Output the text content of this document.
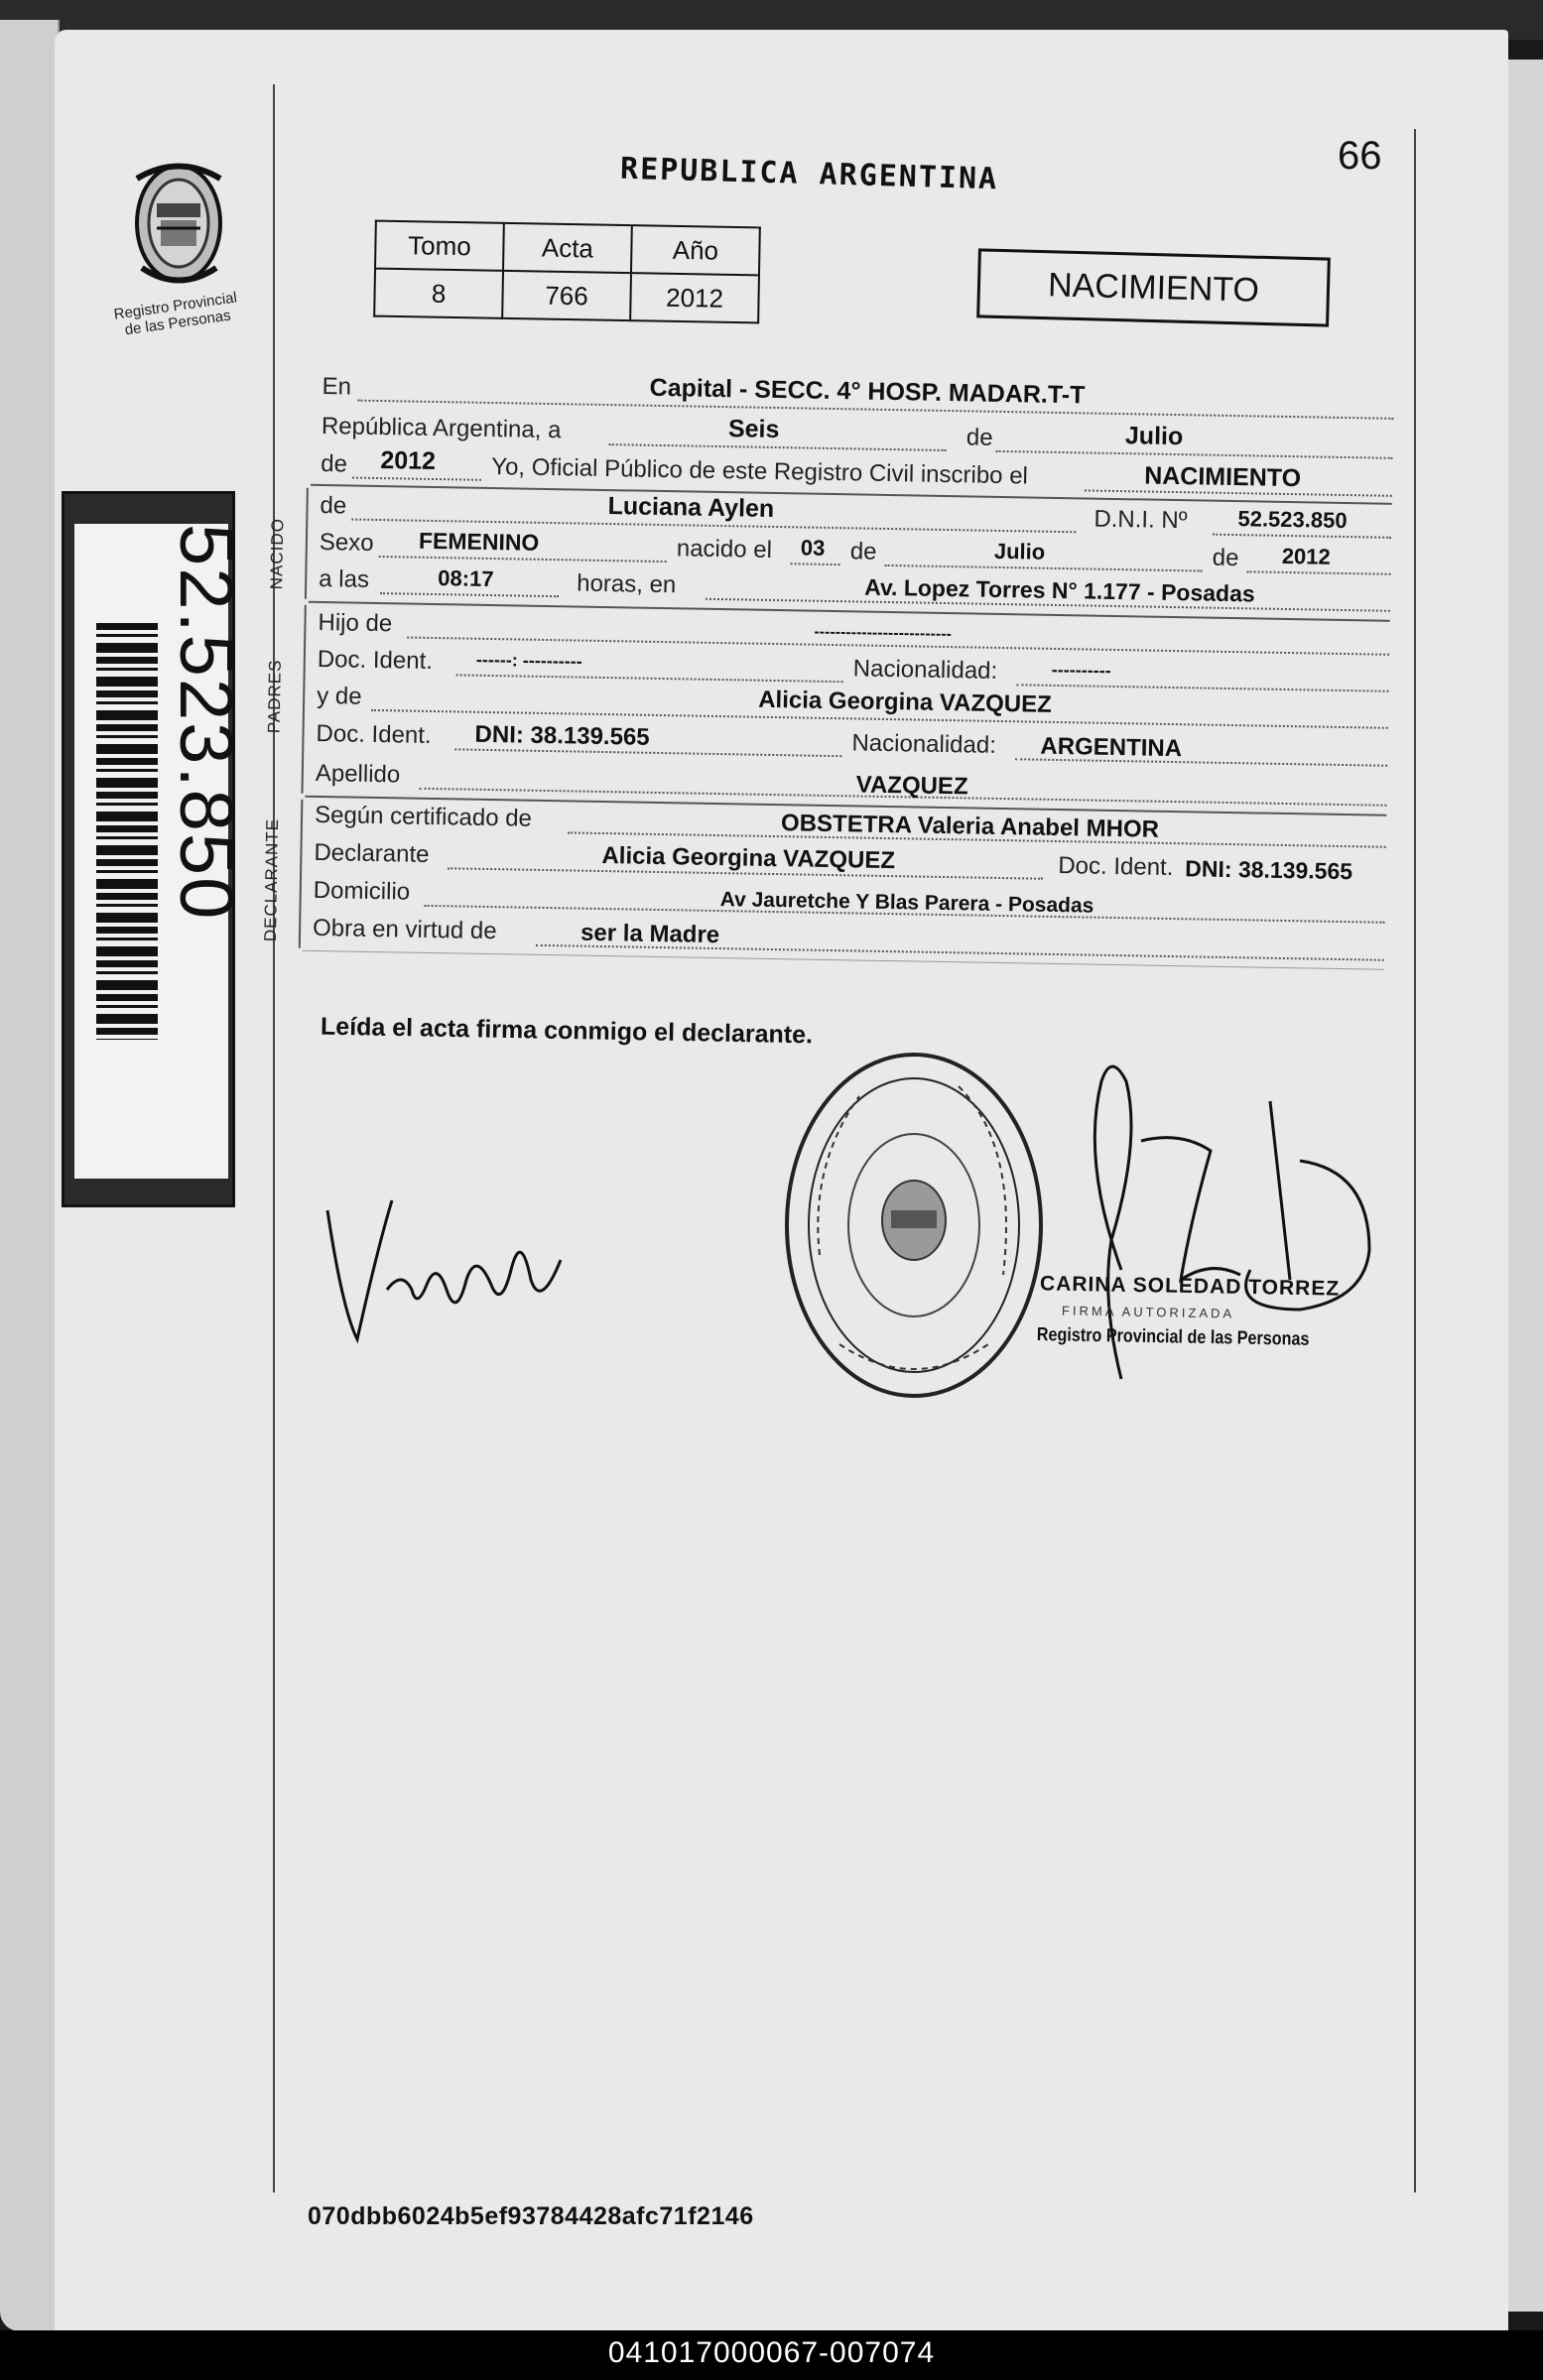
Registro Provincial de las Personas
52.523.850
REPUBLICA ARGENTINA	66
Tomo	Acta	Año
8	766	2012	NACIMIENTO
En	Capital - SECC. 4° HOSP. MADAR.T-T
República Argentina, a	Seis	de	Julio
de 2012 Yo, Oficial Público de este Registro Civil inscribo el	NACIMIENTO
de	Luciana Aylen	D.N.I. Nº 52.523.850
Sexo FEMENINO	nacido el 03 de	Julio	de 2012
a las	08:17	horas, en	Av. Lopez Torres N° 1.177 - Posadas
Hijo de	--------------------------
Doc. Ident. ------: ----------	Nacionalidad:	----------
y de	Alicia Georgina VAZQUEZ
Doc. Ident. DNI: 38.139.565	Nacionalidad: ARGENTINA
Apellido	VAZQUEZ
Según certificado de	OBSTETRA Valeria Anabel MHOR
Declarante	Alicia Georgina VAZQUEZ	Doc. Ident. DNI: 38.139.565
Domicilio	Av Jauretche Y Blas Parera - Posadas
Obra en virtud de	ser la Madre
NACIDO
PADRES
DECLARANTE
Leída el acta firma conmigo el declarante.
CARINA SOLEDAD TORREZ
FIRMA AUTORIZADA
Registro Provincial de las Personas
070dbb6024b5ef93784428afc71f2146
041017000067-007074
